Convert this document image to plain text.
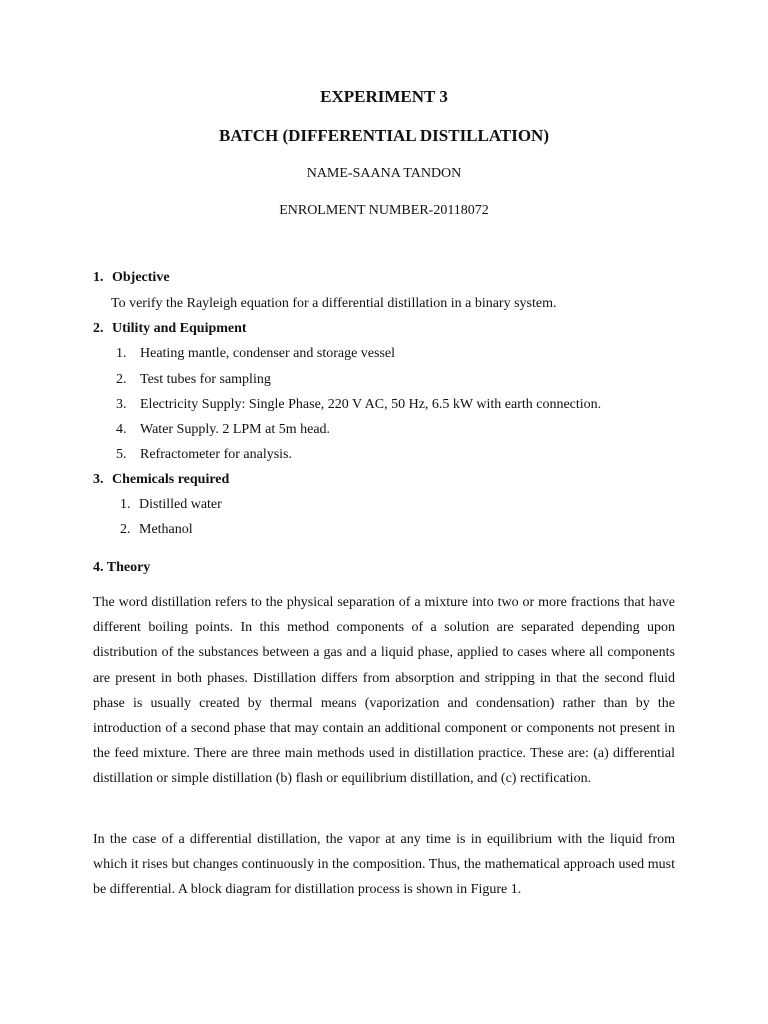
EXPERIMENT 3
BATCH (DIFFERENTIAL DISTILLATION)
NAME-SAANA TANDON
ENROLMENT NUMBER-20118072
1. Objective
To verify the Rayleigh equation for a differential distillation in a binary system.
2. Utility and Equipment
1. Heating mantle, condenser and storage vessel
2. Test tubes for sampling
3. Electricity Supply: Single Phase, 220 V AC, 50 Hz, 6.5 kW with earth connection.
4. Water Supply. 2 LPM at 5m head.
5. Refractometer for analysis.
3. Chemicals required
1. Distilled water
2. Methanol
4. Theory

The word distillation refers to the physical separation of a mixture into two or more fractions that have different boiling points. In this method components of a solution are separated depending upon distribution of the substances between a gas and a liquid phase, applied to cases where all components are present in both phases. Distillation differs from absorption and stripping in that the second fluid phase is usually created by thermal means (vaporization and condensation) rather than by the introduction of a second phase that may contain an additional component or components not present in the feed mixture. There are three main methods used in distillation practice. These are: (a) differential distillation or simple distillation (b) flash or equilibrium distillation, and (c) rectification.

In the case of a differential distillation, the vapor at any time is in equilibrium with the liquid from which it rises but changes continuously in the composition. Thus, the mathematical approach used must be differential. A block diagram for distillation process is shown in Figure 1.
